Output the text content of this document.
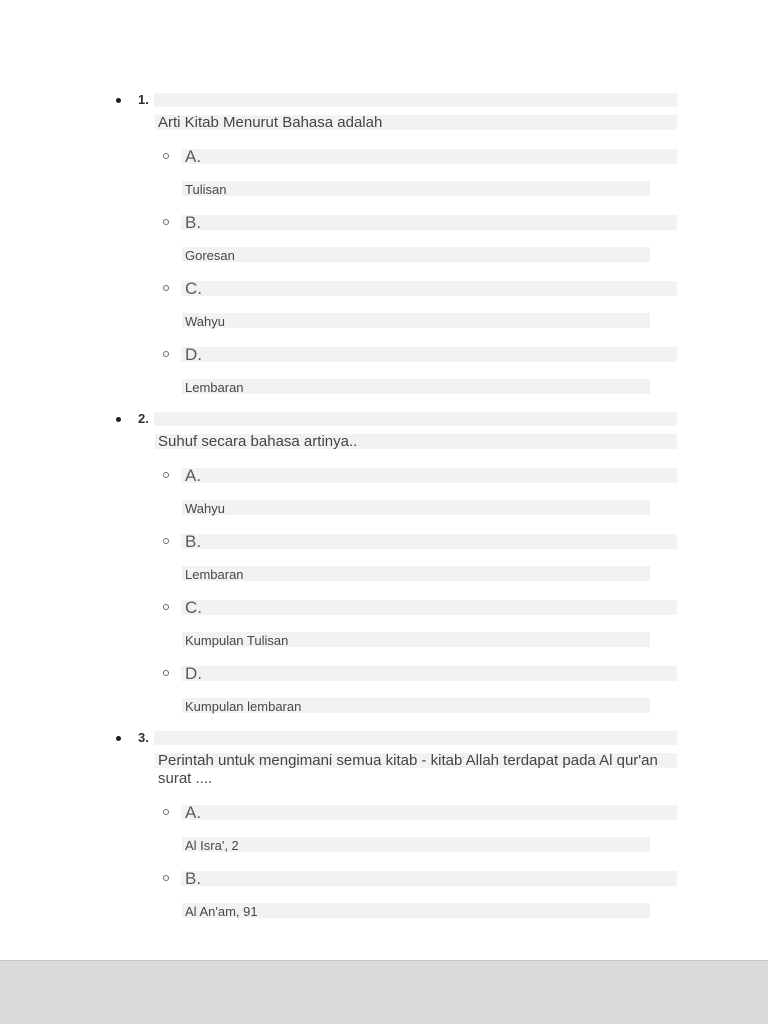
1.
Arti Kitab Menurut Bahasa adalah
A.
Tulisan
B.
Goresan
C.
Wahyu
D.
Lembaran
2.
Suhuf secara bahasa artinya..
A.
Wahyu
B.
Lembaran
C.
Kumpulan Tulisan
D.
Kumpulan lembaran
3.
Perintah untuk mengimani semua kitab - kitab Allah terdapat pada Al qur'an surat ....
A.
Al Isra', 2
B.
Al An'am, 91
